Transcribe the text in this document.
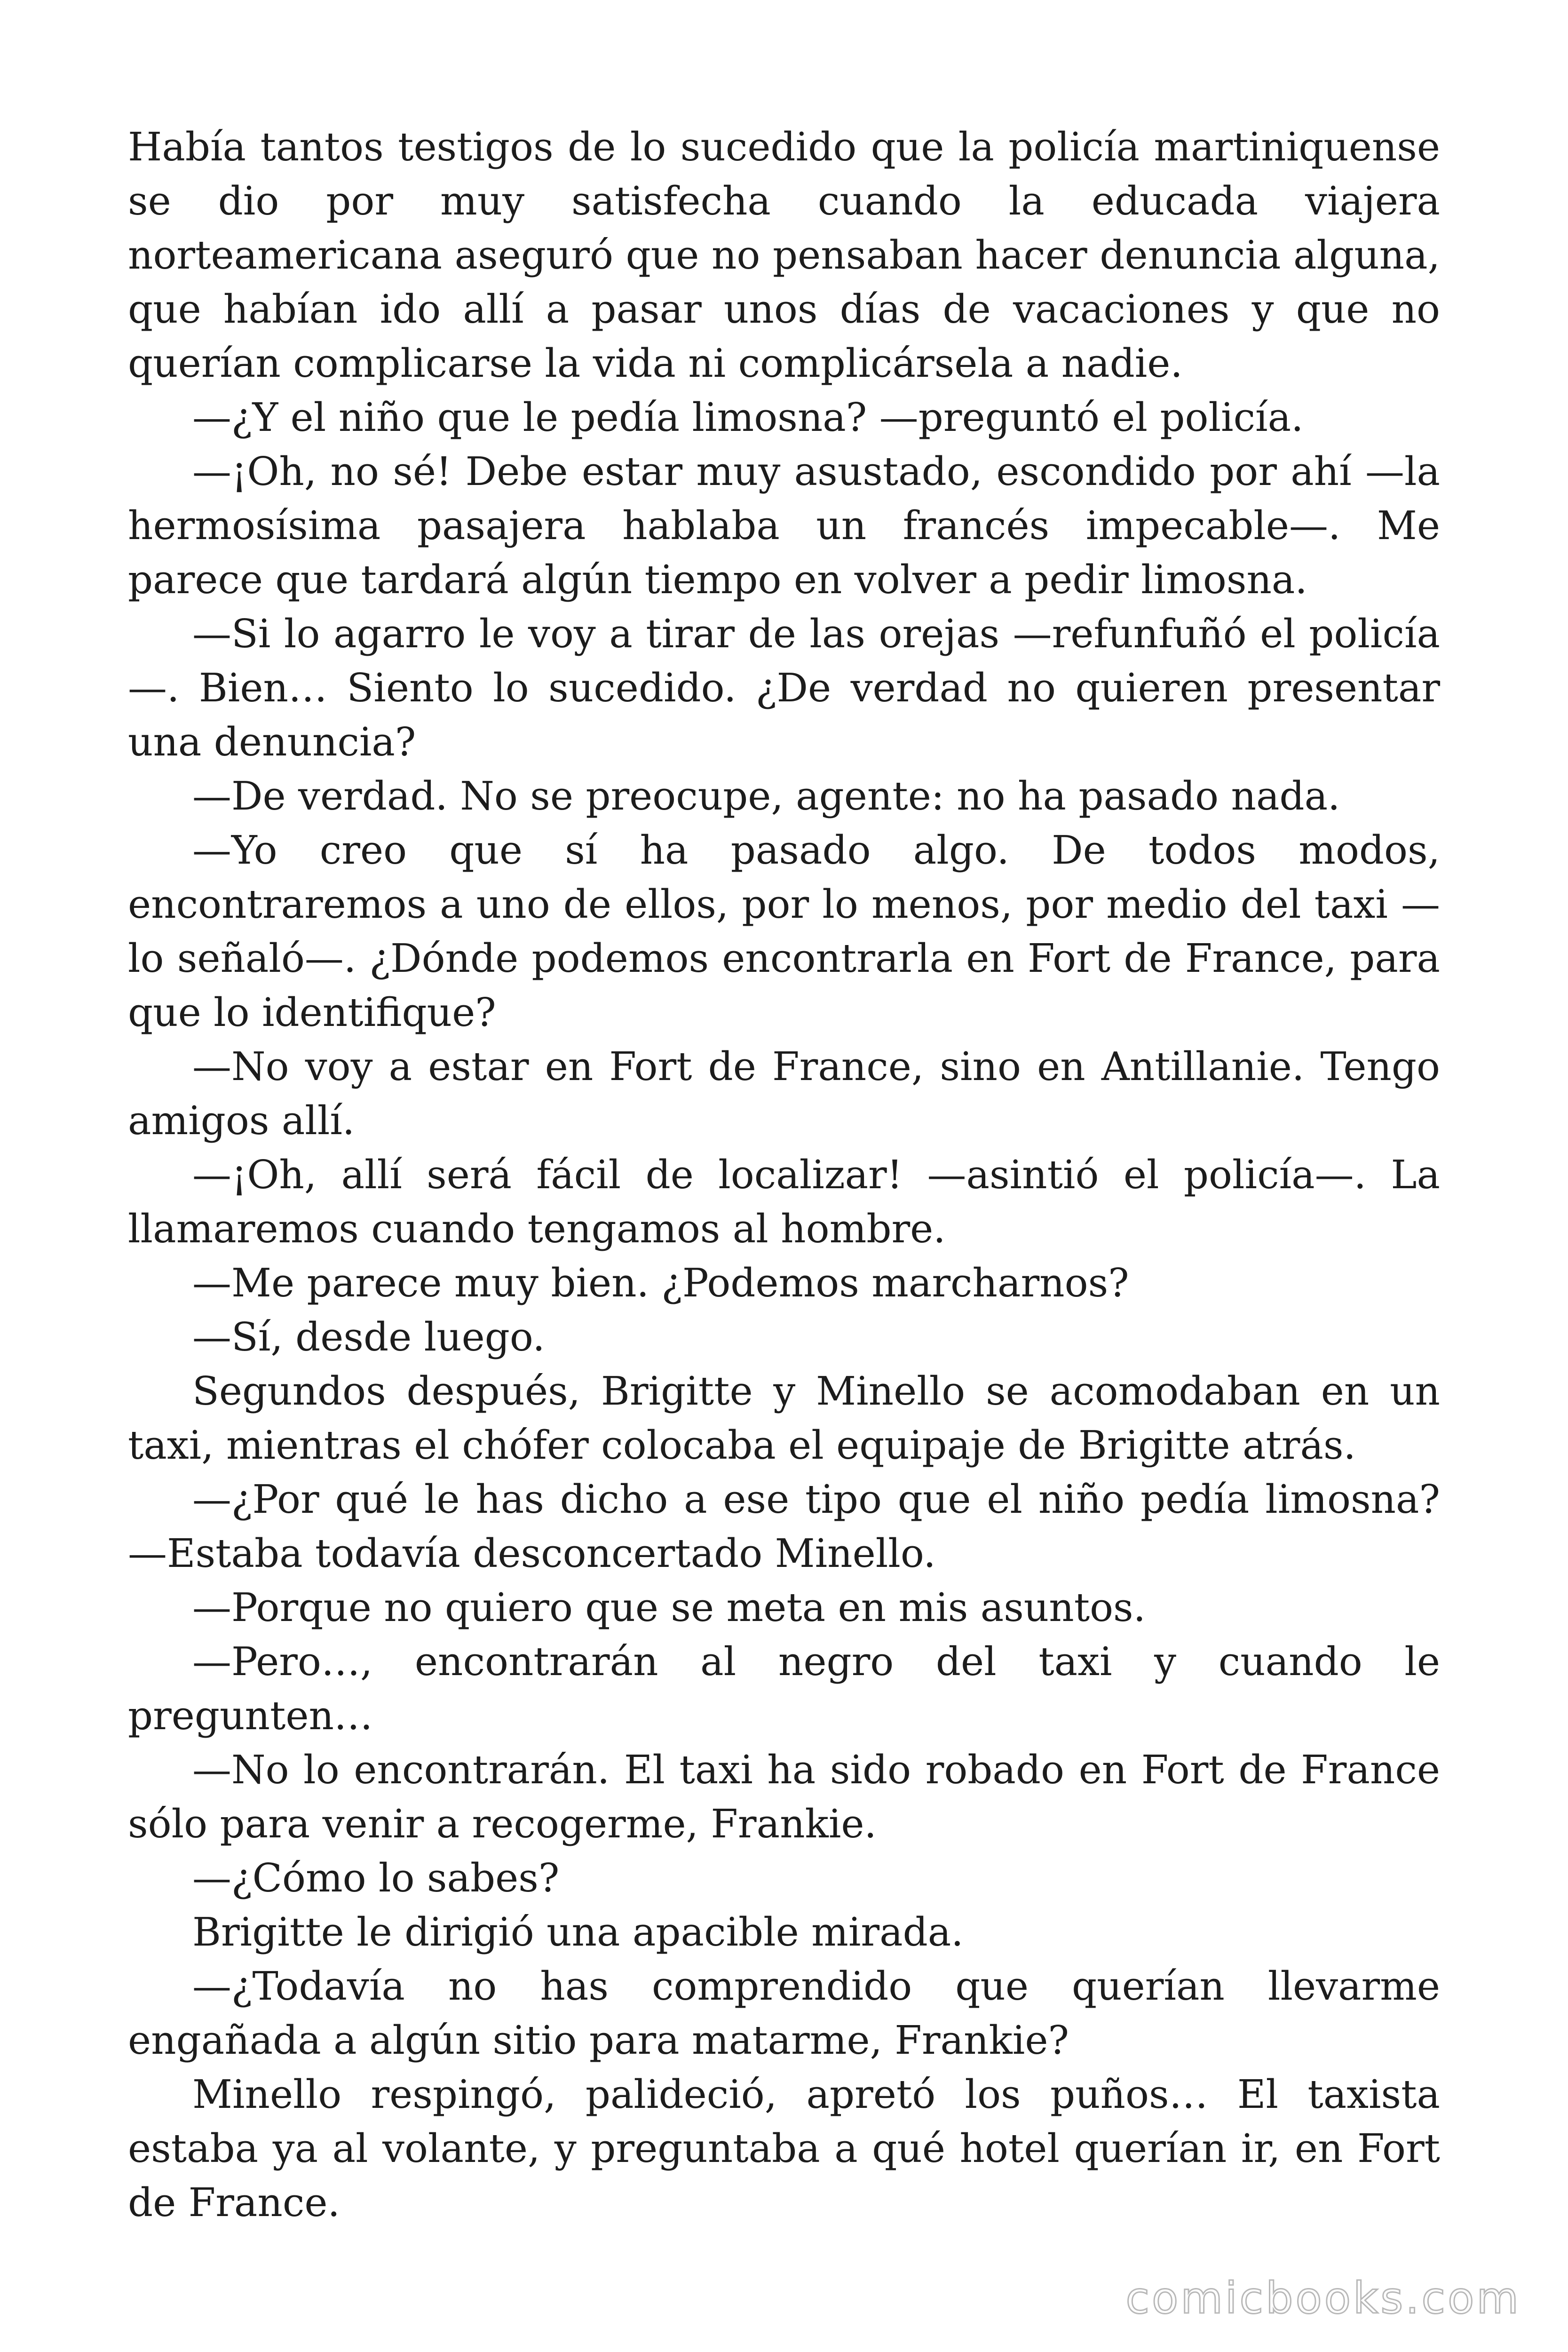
Había tantos testigos de lo sucedido que la policía martiniquense se dio por muy satisfecha cuando la educada viajera norteamericana aseguró que no pensaban hacer denuncia alguna, que habían ido allí a pasar unos días de vacaciones y que no querían complicarse la vida ni complicársela a nadie.

—¿Y el niño que le pedía limosna? —preguntó el policía.

—¡Oh, no sé! Debe estar muy asustado, escondido por ahí —la hermosísima pasajera hablaba un francés impecable—. Me parece que tardará algún tiempo en volver a pedir limosna.

—Si lo agarro le voy a tirar de las orejas —refunfuñó el policía —. Bien… Siento lo sucedido. ¿De verdad no quieren presentar una denuncia?

—De verdad. No se preocupe, agente: no ha pasado nada.

—Yo creo que sí ha pasado algo. De todos modos, encontraremos a uno de ellos, por lo menos, por medio del taxi —lo señaló—. ¿Dónde podemos encontrarla en Fort de France, para que lo identifique?

—No voy a estar en Fort de France, sino en Antillanie. Tengo amigos allí.

—¡Oh, allí será fácil de localizar! —asintió el policía—. La llamaremos cuando tengamos al hombre.

—Me parece muy bien. ¿Podemos marcharnos?

—Sí, desde luego.

Segundos después, Brigitte y Minello se acomodaban en un taxi, mientras el chófer colocaba el equipaje de Brigitte atrás.

—¿Por qué le has dicho a ese tipo que el niño pedía limosna? —Estaba todavía desconcertado Minello.

—Porque no quiero que se meta en mis asuntos.

—Pero…, encontrarán al negro del taxi y cuando le pregunten…

—No lo encontrarán. El taxi ha sido robado en Fort de France sólo para venir a recogerme, Frankie.

—¿Cómo lo sabes?

Brigitte le dirigió una apacible mirada.

—¿Todavía no has comprendido que querían llevarme engañada a algún sitio para matarme, Frankie?

Minello respingó, palideció, apretó los puños… El taxista estaba ya al volante, y preguntaba a qué hotel querían ir, en Fort de France.

comicbooks.com
